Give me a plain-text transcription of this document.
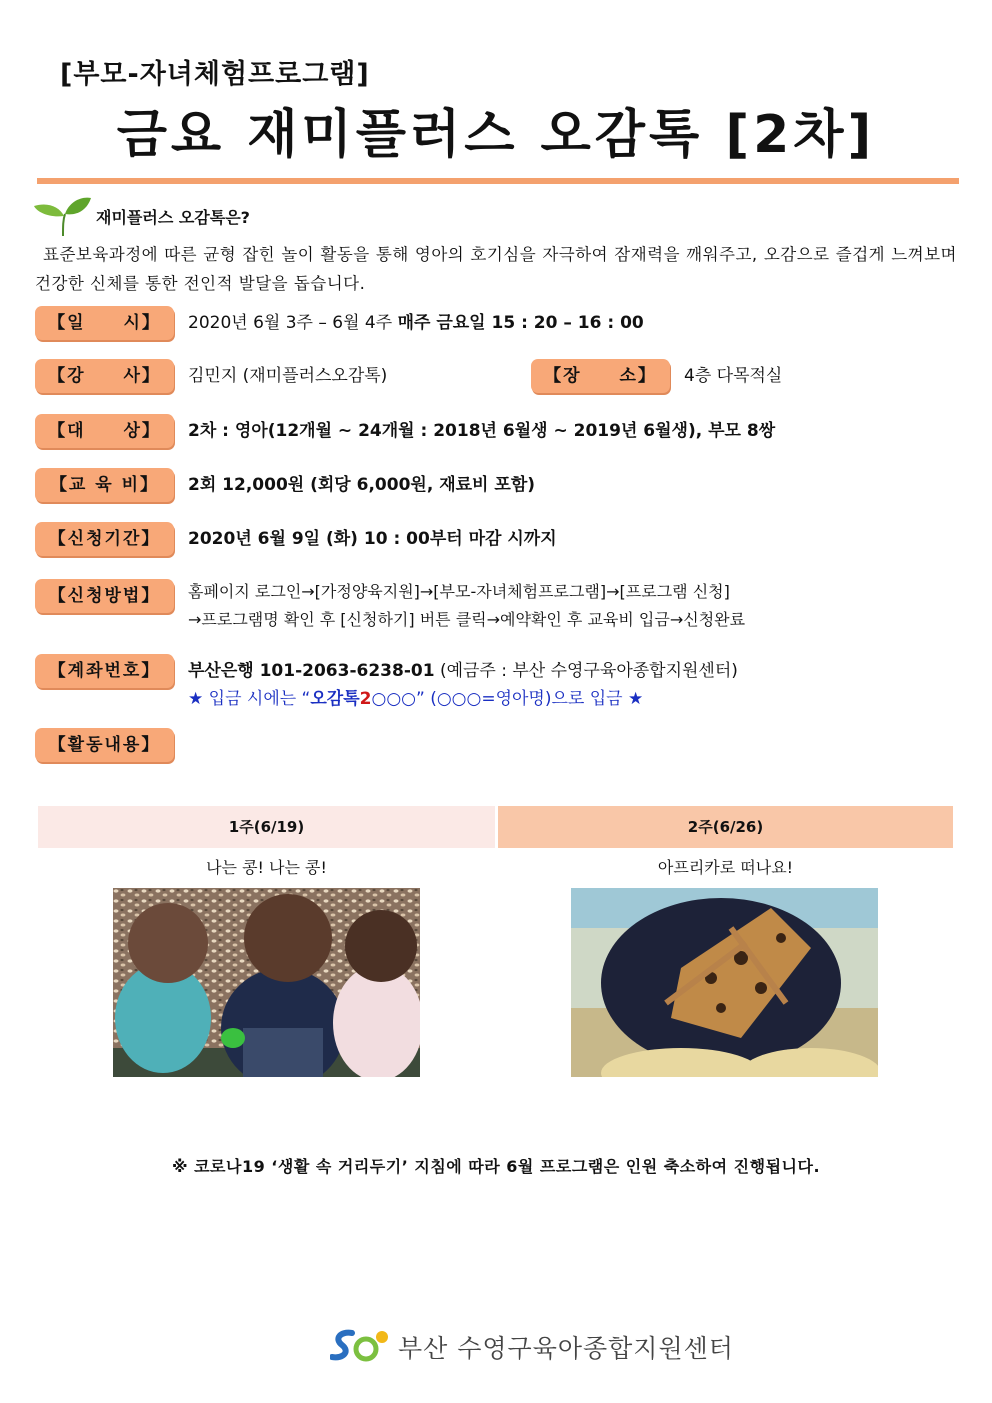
[부모-자녀체험프로그램]
금요 재미플러스 오감톡 [2차]
재미플러스 오감톡은?
표준보육과정에 따른 균형 잡힌 놀이 활동을 통해 영아의 호기심을 자극하여 잠재력을 깨워주고, 오감으로 즐겁게 느껴보며 건강한 신체를 통한 전인적 발달을 돕습니다.
【일　　시】	2020년 6월 3주 – 6월 4주 매주 금요일 15 : 20 – 16 : 00
【강　　사】	김민지 (재미플러스오감톡)	【장　　소】	4층 다목적실
【대　　상】	2차 : 영아(12개월 ~ 24개월 : 2018년 6월생 ~ 2019년 6월생), 부모 8쌍
【교 육 비】	2회 12,000원 (회당 6,000원, 재료비 포함)
【신청기간】	2020년 6월 9일 (화) 10 : 00부터 마감 시까지
【신청방법】	홈페이지 로그인→[가정양육지원]→[부모-자녀체험프로그램]→[프로그램 신청]
→프로그램명 확인 후 [신청하기] 버튼 클릭→예약확인 후 교육비 입금→신청완료
【계좌번호】	부산은행 101-2063-6238-01 (예금주 : 부산 수영구육아종합지원센터)
★ 입금 시에는 “오감톡2○○○” (○○○=영아명)으로 입금 ★
【활동내용】
1주(6/19)	2주(6/26)
나는 콩! 나는 콩!	아프리카로 떠나요!
※ 코로나19 ‘생활 속 거리두기’ 지침에 따라 6월 프로그램은 인원 축소하여 진행됩니다.
부산 수영구육아종합지원센터
